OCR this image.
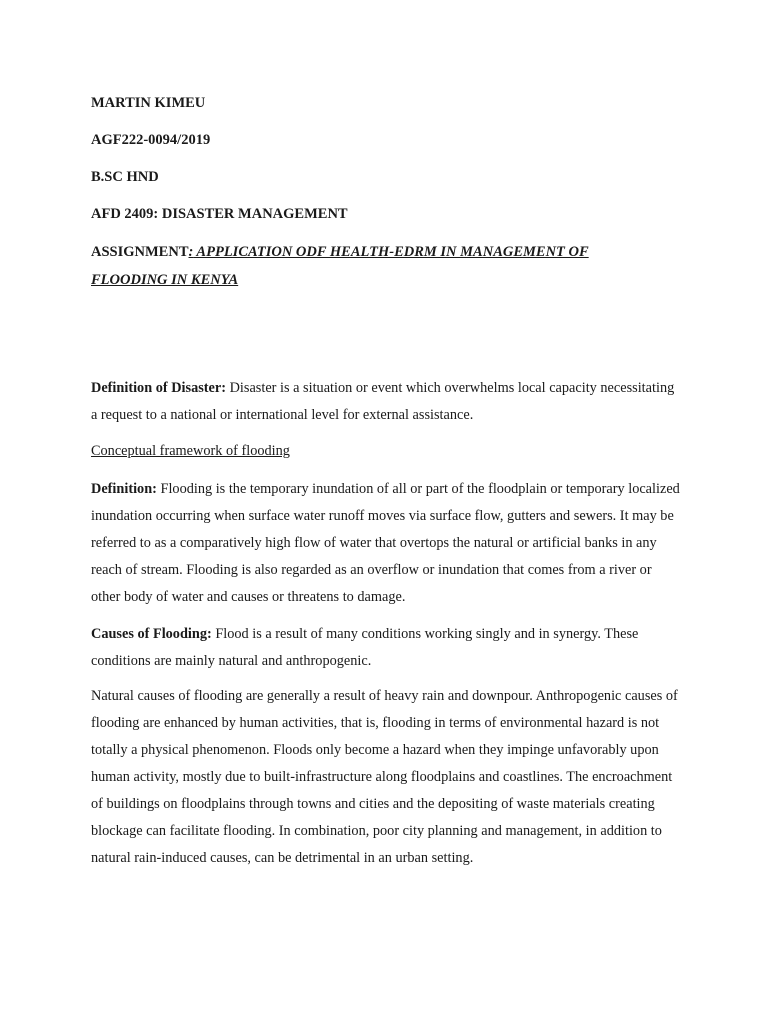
MARTIN KIMEU
AGF222-0094/2019
B.SC HND
AFD 2409: DISASTER MANAGEMENT
ASSIGNMENT: APPLICATION ODF HEALTH-EDRM IN MANAGEMENT OF
FLOODING IN KENYA
Definition of Disaster: Disaster is a situation or event which overwhelms local capacity necessitating a request to a national or international level for external assistance.
Conceptual framework of flooding
Definition: Flooding is the temporary inundation of all or part of the floodplain or temporary localized inundation occurring when surface water runoff moves via surface flow, gutters and sewers. It may be referred to as a comparatively high flow of water that overtops the natural or artificial banks in any reach of stream. Flooding is also regarded as an overflow or inundation that comes from a river or other body of water and causes or threatens to damage.
Causes of Flooding: Flood is a result of many conditions working singly and in synergy. These conditions are mainly natural and anthropogenic.
Natural causes of flooding are generally a result of heavy rain and downpour. Anthropogenic causes of flooding are enhanced by human activities, that is, flooding in terms of environmental hazard is not totally a physical phenomenon. Floods only become a hazard when they impinge unfavorably upon human activity, mostly due to built-infrastructure along floodplains and coastlines. The encroachment of buildings on floodplains through towns and cities and the depositing of waste materials creating blockage can facilitate flooding. In combination, poor city planning and management, in addition to natural rain-induced causes, can be detrimental in an urban setting.
